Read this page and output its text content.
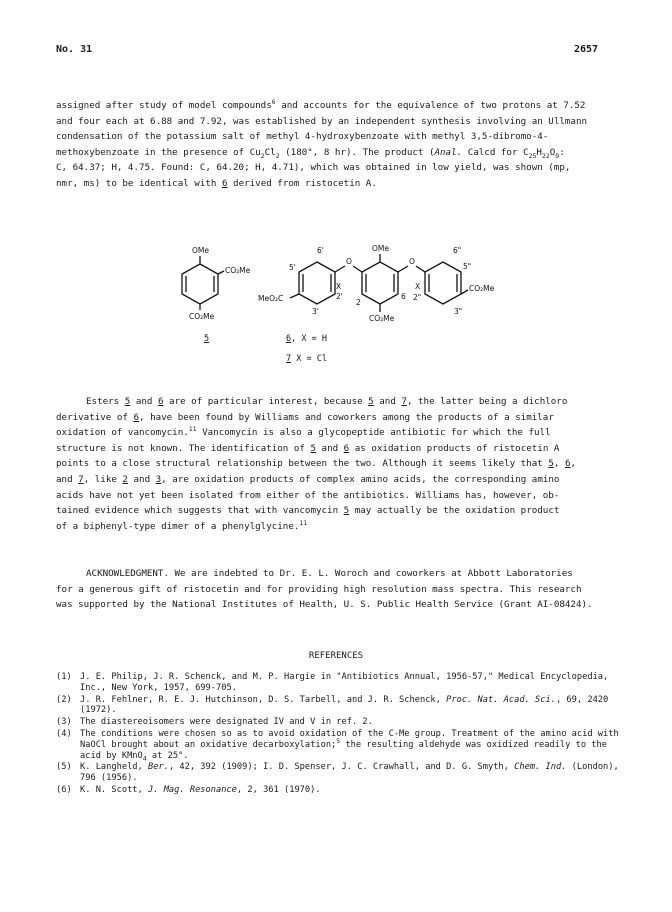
No. 31	2657
assigned after study of model compounds$^6$ and accounts for the equivalence of two protons at 7.52
and four each at 6.88 and 7.92, was established by an independent synthesis involving an Ullmann
condensation of the potassium salt of methyl 4-hydroxybenzoate with methyl 3,5-dibromo-4-
methoxybenzoate in the presence of $Cu_2Cl_2$ (180°, 8 hr). The product (Anal. Calcd for $C_{25}H_{22}O_9$:
C, 64.37; H, 4.75. Found: C, 64.20; H, 4.71), which was obtained in low yield, was shown (mp,
nmr, ms) to be identical with 6 derived from ristocetin A.
OMe
CO₂Me
CO₂Me
6'
5'
MeO₂C
3'
X
2'
O
OMe
2
6
CO₂Me
O
6"
5"
X
2"
CO₂Me
3"
5	6, X = H
7 X = Cl
Esters 5 and 6 are of particular interest, because 5 and 7, the latter being a dichloro
derivative of 6, have been found by Williams and coworkers among the products of a similar
oxidation of vancomycin.$^{11}$ Vancomycin is also a glycopeptide antibiotic for which the full
structure is not known. The identification of 5 and 6 as oxidation products of ristocetin A
points to a close structural relationship between the two. Although it seems likely that 5, 6,
and 7, like 2 and 3, are oxidation products of complex amino acids, the corresponding amino
acids have not yet been isolated from either of the antibiotics. Williams has, however, ob-
tained evidence which suggests that with vancomycin 5 may actually be the oxidation product
of a biphenyl-type dimer of a phenylglycine.$^{11}$
ACKNOWLEDGMENT. We are indebted to Dr. E. L. Woroch and coworkers at Abbott Laboratories
for a generous gift of ristocetin and for providing high resolution mass spectra. This research
was supported by the National Institutes of Health, U. S. Public Health Service (Grant AI-08424).
REFERENCES
(1) J. E. Philip, J. R. Schenck, and M. P. Hargie in "Antibiotics Annual, 1956-57," Medical Encyclopedia, Inc., New York, 1957, 699-705.
(2) J. R. Fehlner, R. E. J. Hutchinson, D. S. Tarbell, and J. R. Schenck, Proc. Nat. Acad. Sci., 69, 2420 (1972).
(3) The diastereoisomers were designated IV and V in ref. 2.
(4) The conditions were chosen so as to avoid oxidation of the C-Me group. Treatment of the amino acid with NaOCl brought about an oxidative decarboxylation;$^5$ the resulting aldehyde was oxidized readily to the acid by KMnO$_4$ at 25°.
(5) K. Langheld, Ber., 42, 392 (1909); I. D. Spenser, J. C. Crawhall, and D. G. Smyth, Chem. Ind. (London), 796 (1956).
(6) K. N. Scott, J. Mag. Resonance, 2, 361 (1970).
